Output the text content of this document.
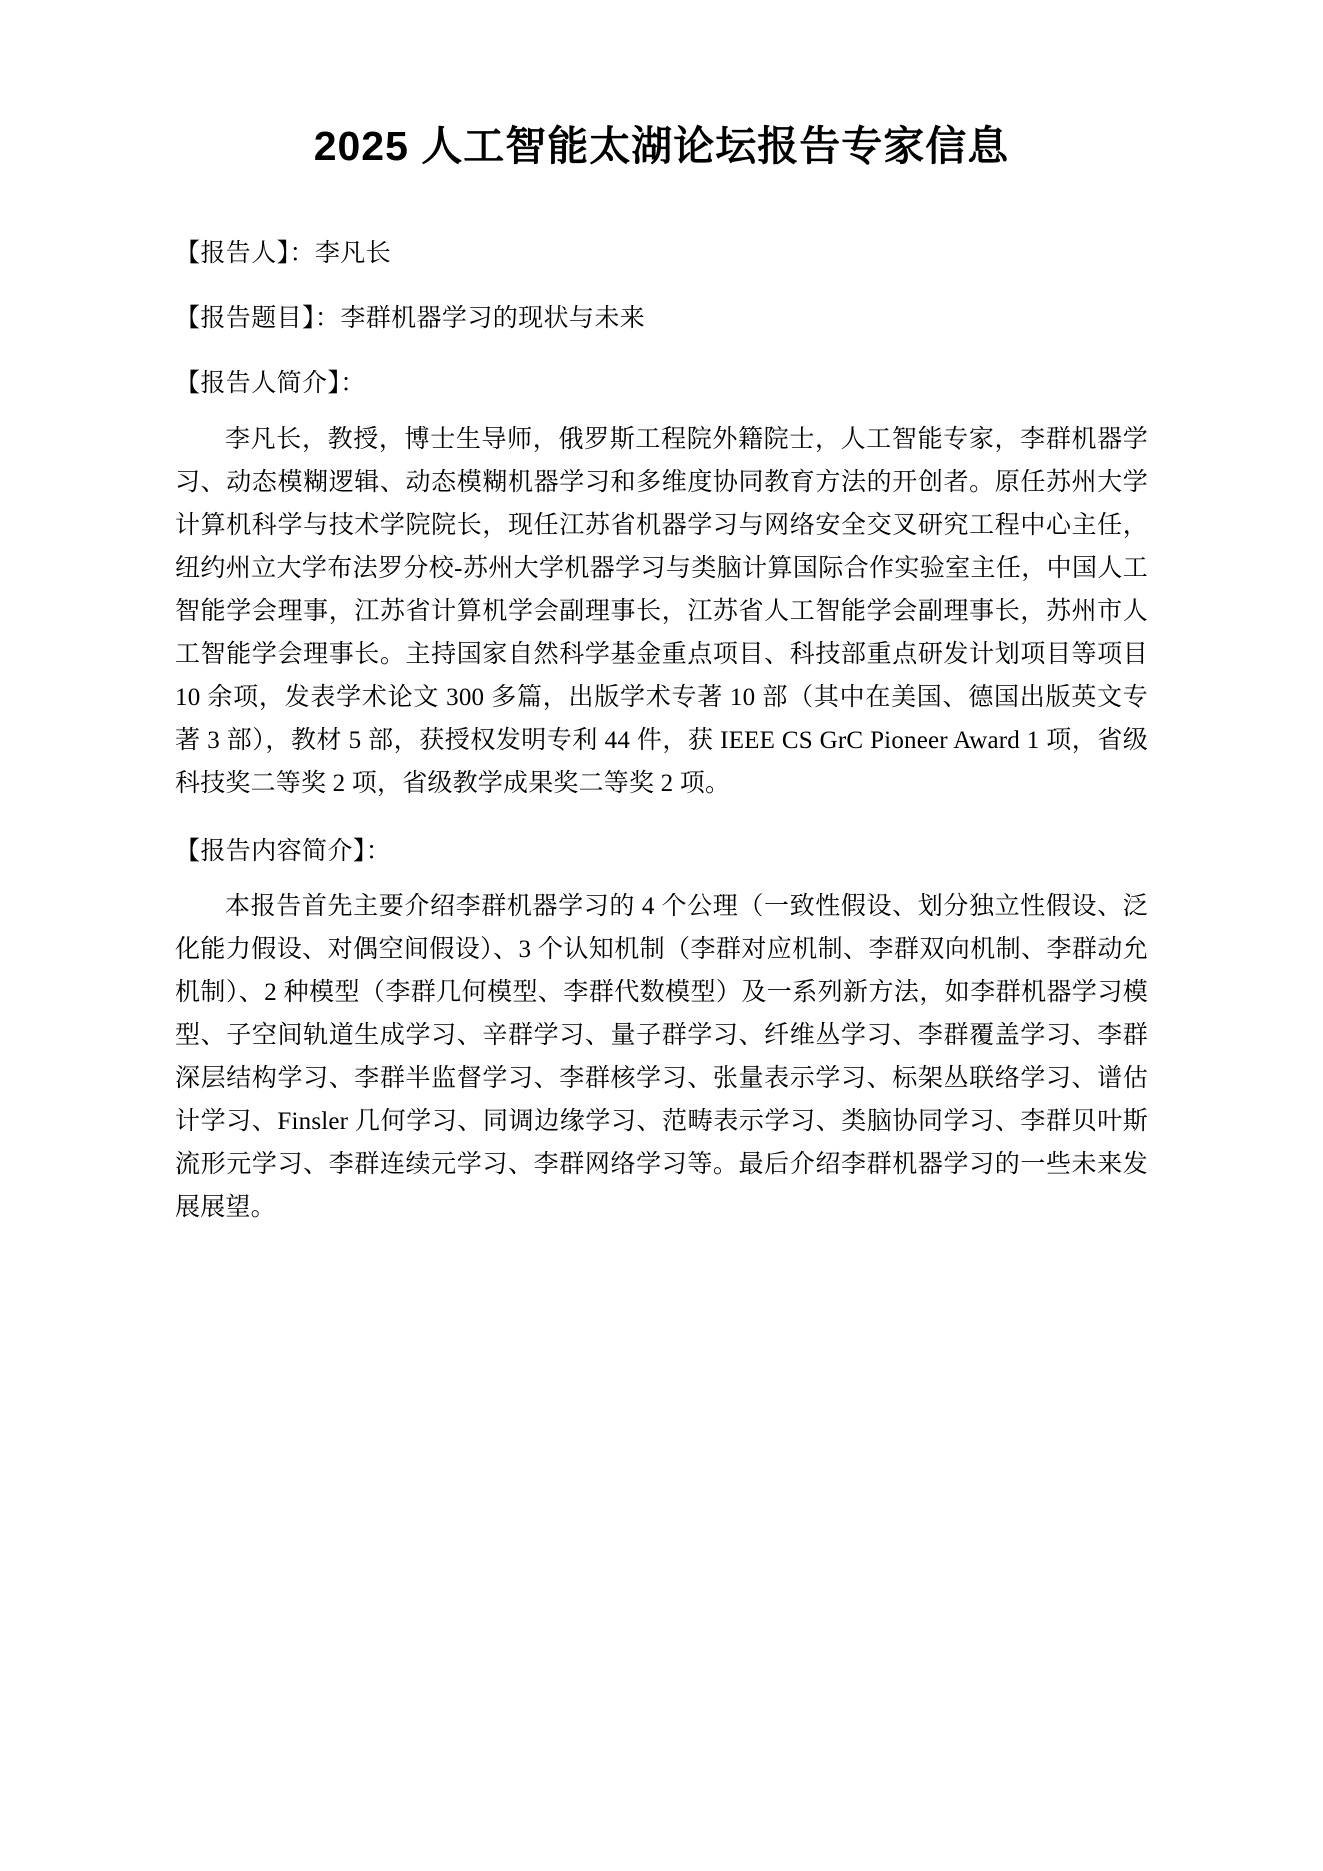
2025 人工智能太湖论坛报告专家信息

【报告人】：李凡长

【报告题目】：李群机器学习的现状与未来

【报告人简介】：

李凡长，教授，博士生导师，俄罗斯工程院外籍院士，人工智能专家，李群机器学习、动态模糊逻辑、动态模糊机器学习和多维度协同教育方法的开创者。原任苏州大学计算机科学与技术学院院长，现任江苏省机器学习与网络安全交叉研究工程中心主任，纽约州立大学布法罗分校-苏州大学机器学习与类脑计算国际合作实验室主任，中国人工智能学会理事，江苏省计算机学会副理事长，江苏省人工智能学会副理事长，苏州市人工智能学会理事长。主持国家自然科学基金重点项目、科技部重点研发计划项目等项目 10 余项，发表学术论文 300 多篇，出版学术专著 10 部（其中在美国、德国出版英文专著 3 部），教材 5 部，获授权发明专利 44 件，获 IEEE CS GrC Pioneer Award 1 项，省级科技奖二等奖 2 项，省级教学成果奖二等奖 2 项。

【报告内容简介】：

本报告首先主要介绍李群机器学习的 4 个公理（一致性假设、划分独立性假设、泛化能力假设、对偶空间假设）、3 个认知机制（李群对应机制、李群双向机制、李群动允机制）、2 种模型（李群几何模型、李群代数模型）及一系列新方法，如李群机器学习模型、子空间轨道生成学习、辛群学习、量子群学习、纤维丛学习、李群覆盖学习、李群深层结构学习、李群半监督学习、李群核学习、张量表示学习、标架丛联络学习、谱估计学习、Finsler 几何学习、同调边缘学习、范畴表示学习、类脑协同学习、李群贝叶斯流形元学习、李群连续元学习、李群网络学习等。最后介绍李群机器学习的一些未来发展展望。
